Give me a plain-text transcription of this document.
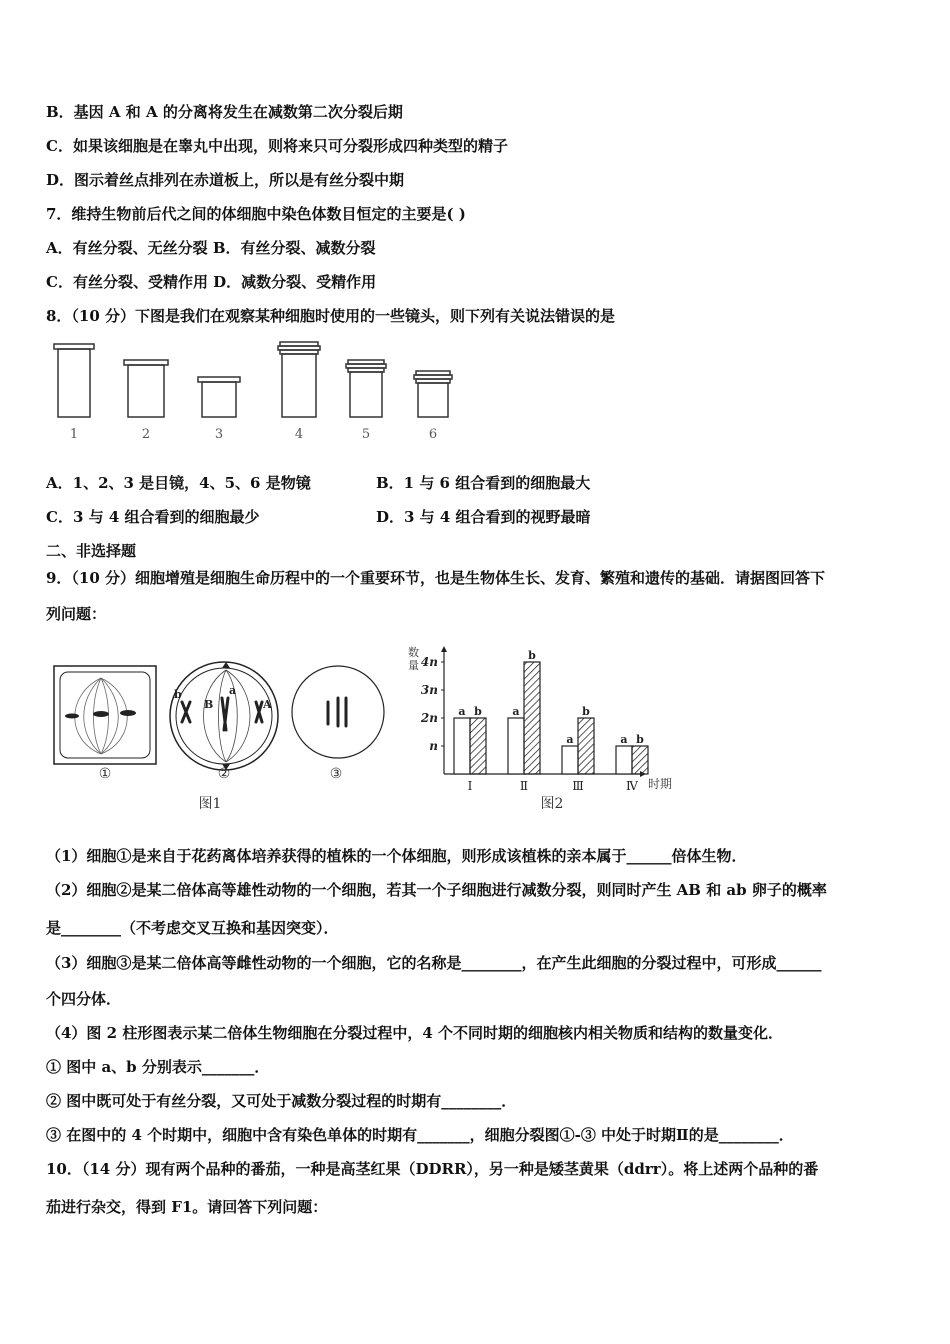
B．基因 A 和 A 的分离将发生在减数第二次分裂后期
C．如果该细胞是在睾丸中出现，则将来只可分裂形成四种类型的精子
D．图示着丝点排列在赤道板上，所以是有丝分裂中期
7．维持生物前后代之间的体细胞中染色体数目恒定的主要是( )
A．有丝分裂、无丝分裂 B．有丝分裂、减数分裂
C．有丝分裂、受精作用 D．减数分裂、受精作用
8．（10 分）下图是我们在观察某种细胞时使用的一些镜头，则下列有关说法错误的是
1	2	3	4	5	6
A．1、2、3 是目镜，4、5、6 是物镜	B．1 与 6 组合看到的细胞最大
C．3 与 4 组合看到的细胞最少	D．3 与 4 组合看到的视野最暗
二、非选择题
9．（10 分）细胞增殖是细胞生命历程中的一个重要环节，也是生物体生长、发育、繁殖和遗传的基础．请据图回答下
列问题：
b
B
a
A
①	②	③
图1
数
量
时期
n
2n
3n
4n
Ⅰ	Ⅱ	Ⅲ	Ⅳ
a b	a
b
a
b
a b
图2
（1）细胞①是来自于花药离体培养获得的植株的一个体细胞，则形成该植株的亲本属于______倍体生物．
（2）细胞②是某二倍体高等雄性动物的一个细胞，若其一个子细胞进行减数分裂，则同时产生 AB 和 ab 卵子的概率
是________（不考虑交叉互换和基因突变）．
（3）细胞③是某二倍体高等雌性动物的一个细胞，它的名称是________，在产生此细胞的分裂过程中，可形成______
个四分体．
（4）图 2 柱形图表示某二倍体生物细胞在分裂过程中，4 个不同时期的细胞核内相关物质和结构的数量变化．
① 图中 a、b 分别表示_______．
② 图中既可处于有丝分裂，又可处于减数分裂过程的时期有________．
③ 在图中的 4 个时期中，细胞中含有染色单体的时期有_______，细胞分裂图①-③ 中处于时期Ⅱ的是________．
10．（14 分）现有两个品种的番茄，一种是高茎红果（DDRR），另一种是矮茎黄果（ddrr）。将上述两个品种的番
茄进行杂交，得到 F1。请回答下列问题：
